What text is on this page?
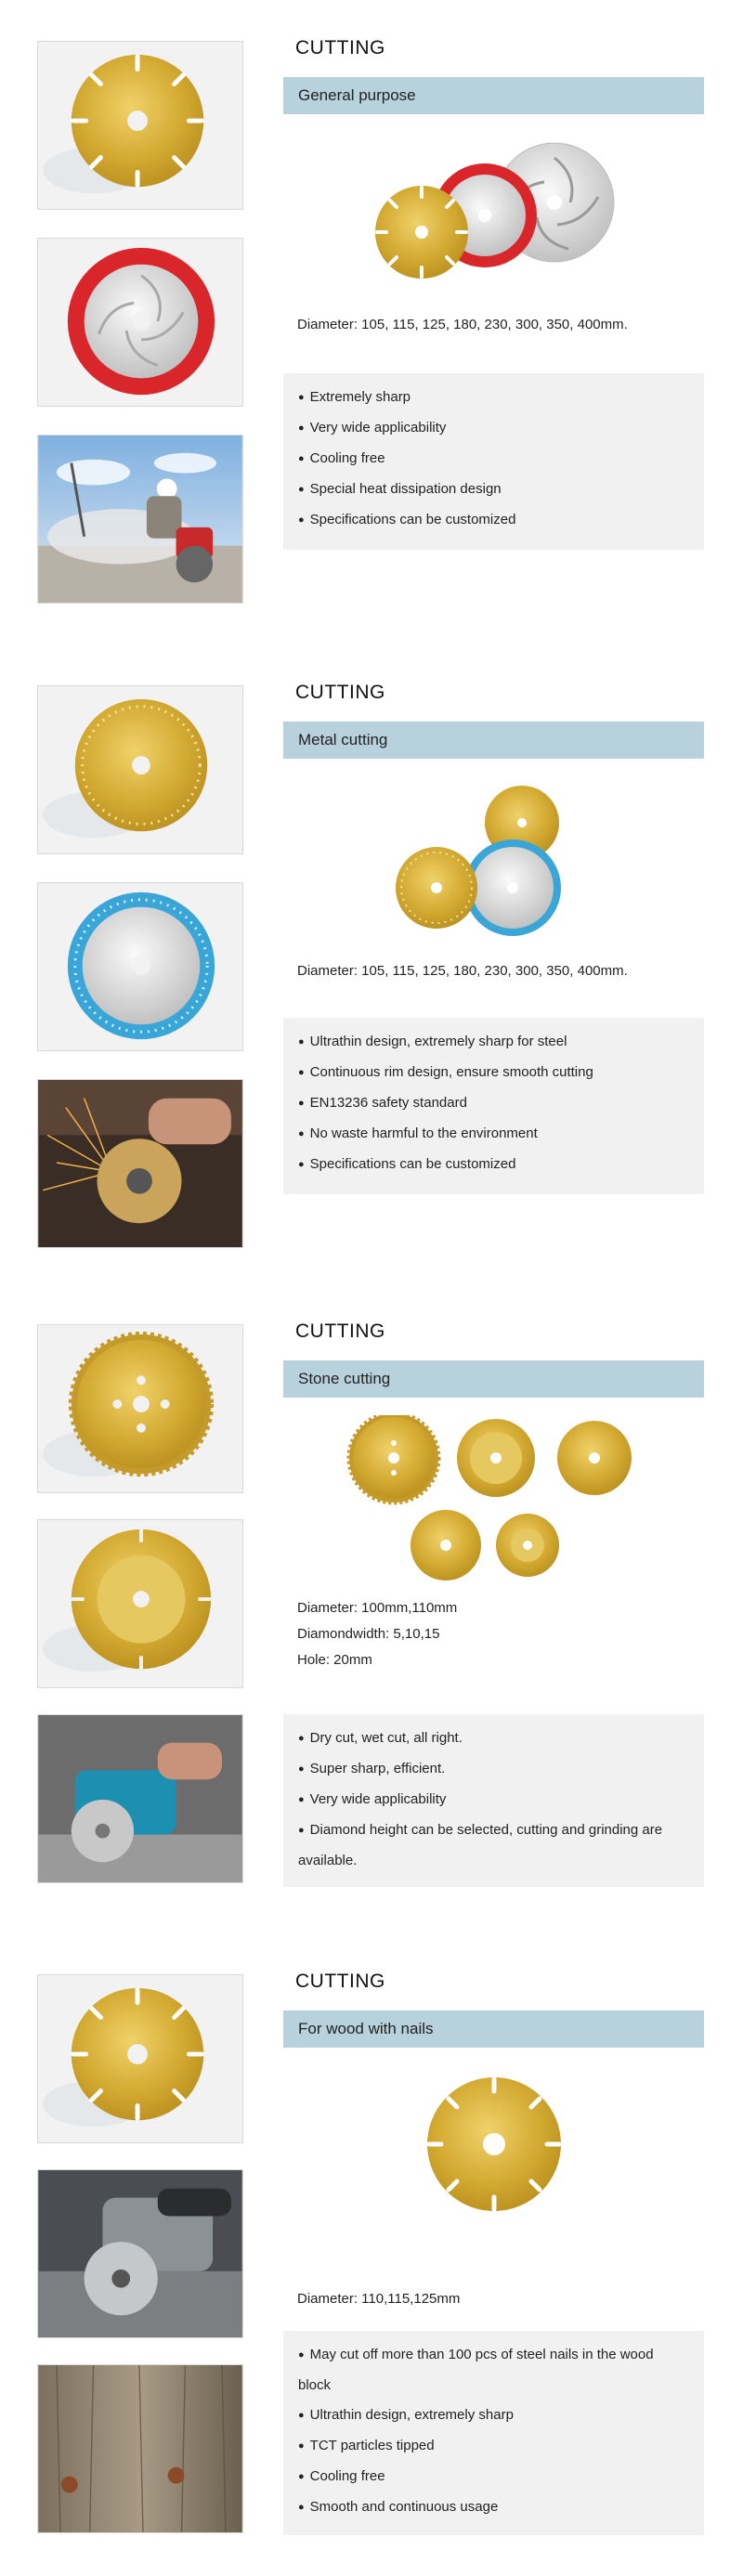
CUTTING
General purpose
Diameter: 105, 115, 125, 180, 230, 300, 350, 400mm.
● Extremely sharp
● Very wide applicability
● Cooling free
● Special heat dissipation design
● Specifications can be customized
CUTTING
Metal cutting
Diameter: 105, 115, 125, 180, 230, 300, 350, 400mm.
● Ultrathin design, extremely sharp for steel
● Continuous rim design, ensure smooth cutting
● EN13236 safety standard
● No waste harmful to the environment
● Specifications can be customized
CUTTING
Stone cutting
Diameter: 100mm,110mm
Diamondwidth: 5,10,15
Hole: 20mm
● Dry cut, wet cut, all right.
● Super sharp, efficient.
● Very wide applicability
● Diamond height can be selected, cutting and grinding are available.
CUTTING
For wood with nails
Diameter: 110,115,125mm
● May cut off more than 100 pcs of steel nails in the wood block
● Ultrathin design, extremely sharp
● TCT particles tipped
● Cooling free
● Smooth and continuous usage
